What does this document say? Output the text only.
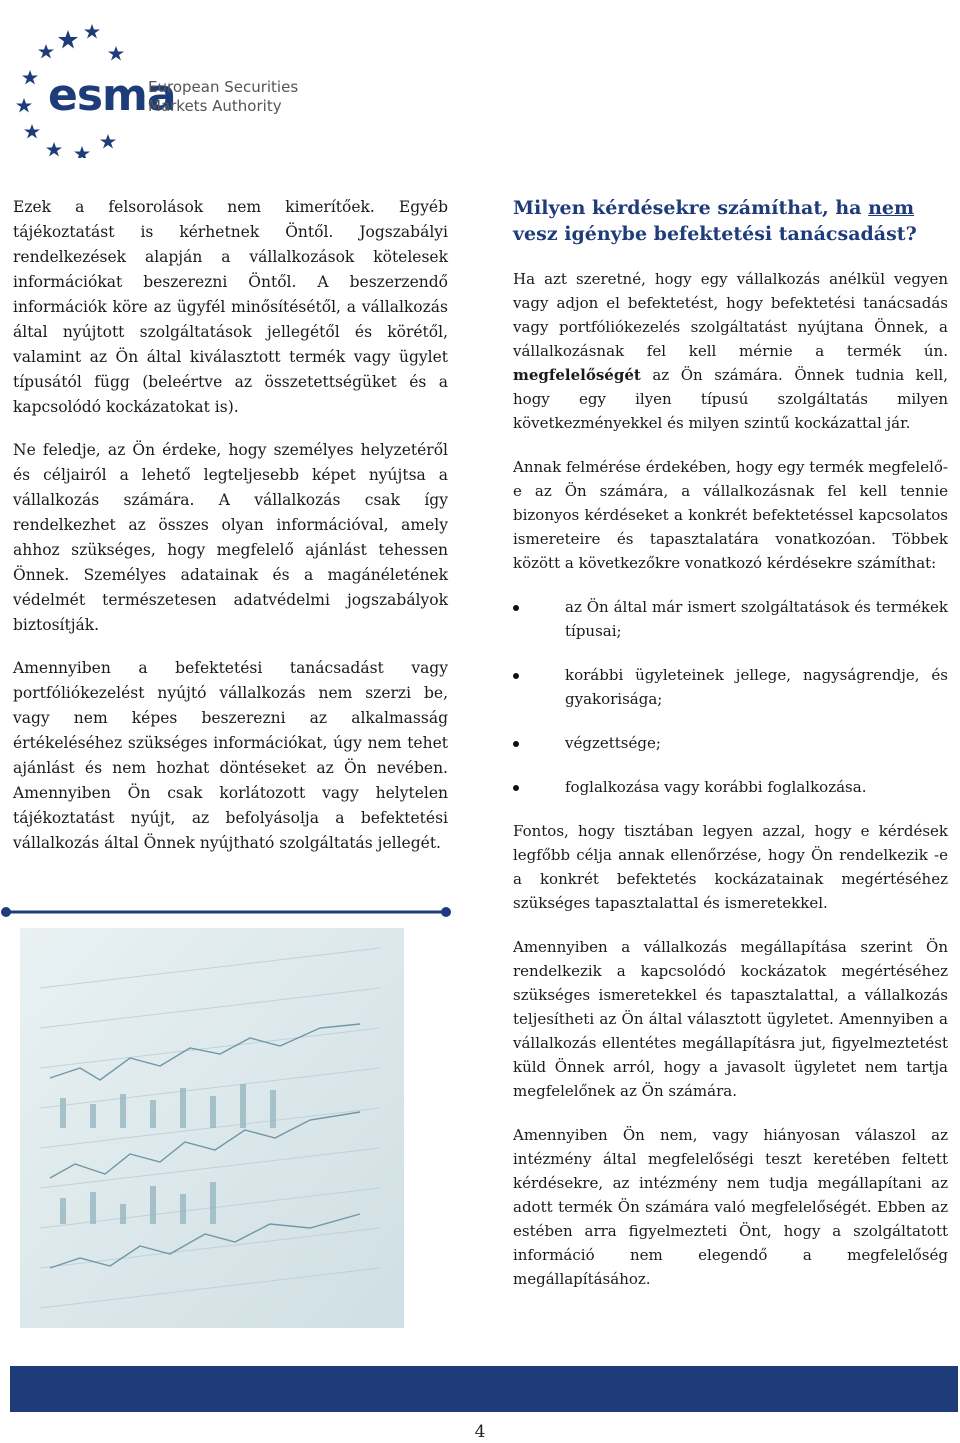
esma
European Securities
Markets Authority

Ezek a felsorolások nem kimerítőek. Egyéb tájékoztatást is kérhetnek Öntől. Jogszabályi rendelkezések alapján a vállalkozások kötelesek információkat beszerezni Öntől. A beszerzendő információk köre az ügyfél minősítésétől, a vállalkozás által nyújtott szolgáltatások jellegétől és körétől, valamint az Ön által kiválasztott termék vagy ügylet típusától függ (beleértve az összetettségüket és a kapcsolódó kockázatokat is).

Ne feledje, az Ön érdeke, hogy személyes helyzetéről és céljairól a lehető legteljesebb képet nyújtsa a vállalkozás számára. A vállalkozás csak így rendelkezhet az összes olyan információval, amely ahhoz szükséges, hogy megfelelő ajánlást tehessen Önnek. Személyes adatainak és a magánéletének védelmét természetesen adatvédelmi jogszabályok biztosítják.

Amennyiben a befektetési tanácsadást vagy portfóliókezelést nyújtó vállalkozás nem szerzi be, vagy nem képes beszerezni az alkalmasság értékeléséhez szükséges információkat, úgy nem tehet ajánlást és nem hozhat döntéseket az Ön nevében. Amennyiben Ön csak korlátozott vagy helytelen tájékoztatást nyújt, az befolyásolja a befektetési vállalkozás által Önnek nyújtható szolgáltatás jellegét.

Milyen kérdésekre számíthat, ha nem vesz igénybe befektetési tanácsadást?

Ha azt szeretné, hogy egy vállalkozás anélkül vegyen vagy adjon el befektetést, hogy befektetési tanácsadás vagy portfóliókezelés szolgáltatást nyújtana Önnek, a vállalkozásnak fel kell mérnie a termék ún. megfelelőségét az Ön számára. Önnek tudnia kell, hogy egy ilyen típusú szolgáltatás milyen következményekkel és milyen szintű kockázattal jár.

Annak felmérése érdekében, hogy egy termék megfelelő-e az Ön számára, a vállalkozásnak fel kell tennie bizonyos kérdéseket a konkrét befektetéssel kapcsolatos ismereteire és tapasztalatára vonatkozóan. Többek között a következőkre vonatkozó kérdésekre számíthat:

az Ön által már ismert szolgáltatások és termékek típusai;
korábbi ügyleteinek jellege, nagyságrendje, és gyakorisága;
végzettsége;
foglalkozása vagy korábbi foglalkozása.

Fontos, hogy tisztában legyen azzal, hogy e kérdések legfőbb célja annak ellenőrzése, hogy Ön rendelkezik -e a konkrét befektetés kockázatainak megértéséhez szükséges tapasztalattal és ismeretekkel.

Amennyiben a vállalkozás megállapítása szerint Ön rendelkezik a kapcsolódó kockázatok megértéséhez szükséges ismeretekkel és tapasztalattal, a vállalkozás teljesítheti az Ön által választott ügyletet. Amennyiben a vállalkozás ellentétes megállapításra jut, figyelmeztetést küld Önnek arról, hogy a javasolt ügyletet nem tartja megfelelőnek az Ön számára.

Amennyiben Ön nem, vagy hiányosan válaszol az intézmény által megfelelőségi teszt keretében feltett kérdésekre, az intézmény nem tudja megállapítani az adott termék Ön számára való megfelelőségét. Ebben az estében arra figyelmezteti Önt, hogy a szolgáltatott információ nem elegendő a megfelelőség megállapításához.

4
